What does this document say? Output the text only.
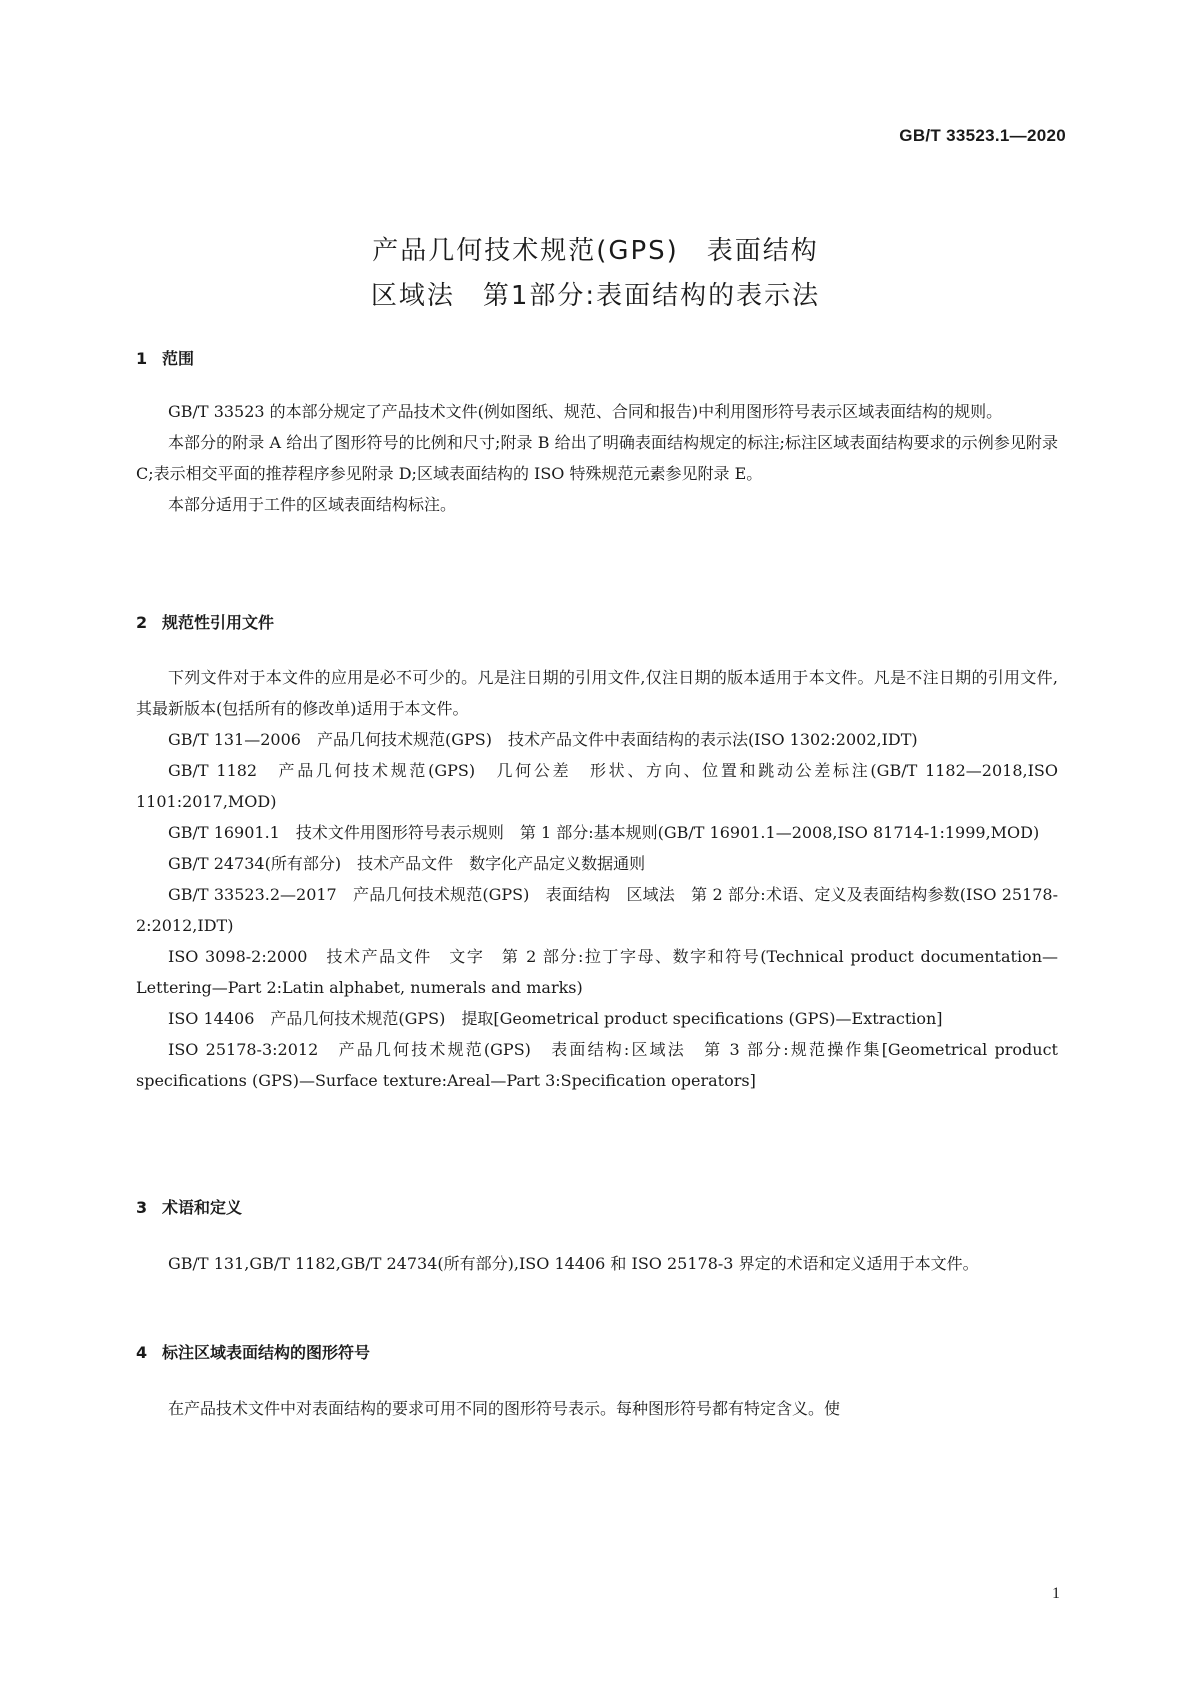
GB/T 33523.1—2020
产品几何技术规范(GPS)　表面结构
区域法　第1部分:表面结构的表示法
1 范围

GB/T 33523 的本部分规定了产品技术文件(例如图纸、规范、合同和报告)中利用图形符号表示区域表面结构的规则。

本部分的附录 A 给出了图形符号的比例和尺寸;附录 B 给出了明确表面结构规定的标注;标注区域表面结构要求的示例参见附录 C;表示相交平面的推荐程序参见附录 D;区域表面结构的 ISO 特殊规范元素参见附录 E。

本部分适用于工件的区域表面结构标注。

2 规范性引用文件

下列文件对于本文件的应用是必不可少的。凡是注日期的引用文件,仅注日期的版本适用于本文件。凡是不注日期的引用文件,其最新版本(包括所有的修改单)适用于本文件。

GB/T 131—2006　产品几何技术规范(GPS)　技术产品文件中表面结构的表示法(ISO 1302:2002,IDT)

GB/T 1182　产品几何技术规范(GPS)　几何公差　形状、方向、位置和跳动公差标注(GB/T 1182—2018,ISO 1101:2017,MOD)

GB/T 16901.1　技术文件用图形符号表示规则　第 1 部分:基本规则(GB/T 16901.1—2008,ISO 81714-1:1999,MOD)

GB/T 24734(所有部分)　技术产品文件　数字化产品定义数据通则

GB/T 33523.2—2017　产品几何技术规范(GPS)　表面结构　区域法　第 2 部分:术语、定义及表面结构参数(ISO 25178-2:2012,IDT)

ISO 3098-2:2000　技术产品文件　文字　第 2 部分:拉丁字母、数字和符号(Technical product documentation—Lettering—Part 2:Latin alphabet, numerals and marks)

ISO 14406　产品几何技术规范(GPS)　提取[Geometrical product specifications (GPS)—Extraction]

ISO 25178-3:2012　产品几何技术规范(GPS)　表面结构:区域法　第 3 部分:规范操作集[Geometrical product specifications (GPS)—Surface texture:Areal—Part 3:Specification operators]

3 术语和定义

GB/T 131,GB/T 1182,GB/T 24734(所有部分),ISO 14406 和 ISO 25178-3 界定的术语和定义适用于本文件。

4 标注区域表面结构的图形符号

在产品技术文件中对表面结构的要求可用不同的图形符号表示。每种图形符号都有特定含义。使

1
